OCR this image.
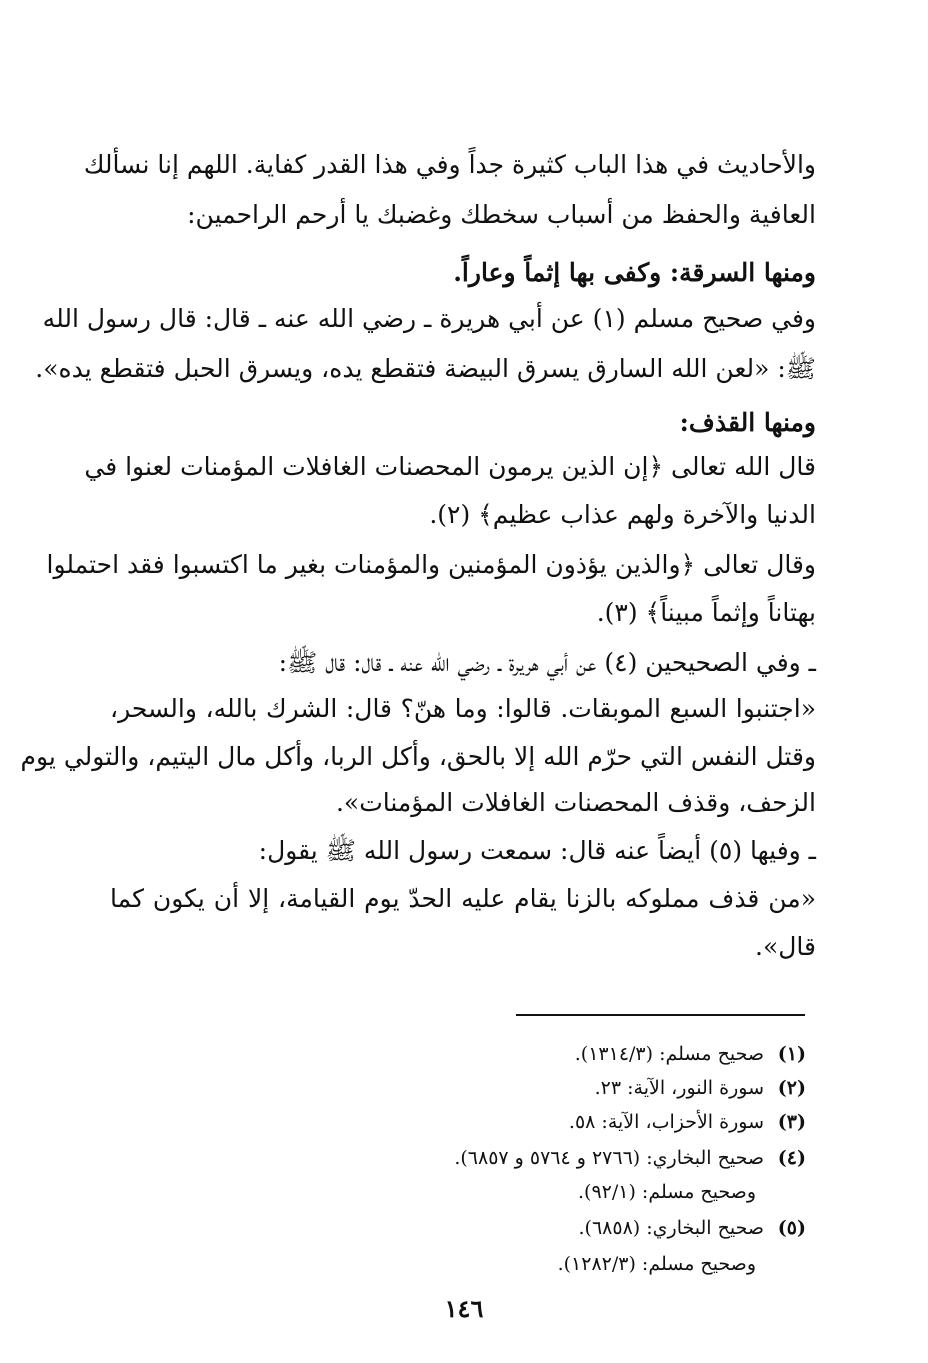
والأحاديث في هذا الباب كثيرة جداً وفي هذا القدر كفاية. اللهم إنا نسألك
العافية والحفظ من أسباب سخطك وغضبك يا أرحم الراحمين:
ومنها السرقة: وكفى بها إثماً وعاراً.
وفي صحيح مسلم (١) عن أبي هريرة ـ رضي الله عنه ـ قال: قال رسول الله
ﷺ: «لعن الله السارق يسرق البيضة فتقطع يده، ويسرق الحبل فتقطع يده».
ومنها القذف:
قال الله تعالى ﴿إن الذين يرمون المحصنات الغافلات المؤمنات لعنوا في
الدنيا والآخرة ولهم عذاب عظيم﴾ (٢).
وقال تعالى ﴿والذين يؤذون المؤمنين والمؤمنات بغير ما اكتسبوا فقد احتملوا
بهتاناً وإثماً مبيناً﴾ (٣).
ـ وفي الصحيحين (٤) عن أبي هريرة ـ رضي الله عنه ـ قال: قال ﷺ:
«اجتنبوا السبع الموبقات. قالوا: وما هنّ؟ قال: الشرك بالله، والسحر،
وقتل النفس التي حرّم الله إلا بالحق، وأكل الربا، وأكل مال اليتيم، والتولي يوم
الزحف، وقذف المحصنات الغافلات المؤمنات».
ـ وفيها (٥) أيضاً عنه قال: سمعت رسول الله ﷺ يقول:
«من قذف مملوكه بالزنا يقام عليه الحدّ يوم القيامة، إلا أن يكون كما
قال».
(١)صحيح مسلم: (١٣١٤/٣).
(٢)سورة النور، الآية: ٢٣.
(٣)سورة الأحزاب، الآية: ٥٨.
(٤)صحيح البخاري: (٢٧٦٦ و ٥٧٦٤ و ٦٨٥٧).
وصحيح مسلم: (٩٢/١).
(٥)صحيح البخاري: (٦٨٥٨).
وصحيح مسلم: (١٢٨٢/٣).
١٤٦
